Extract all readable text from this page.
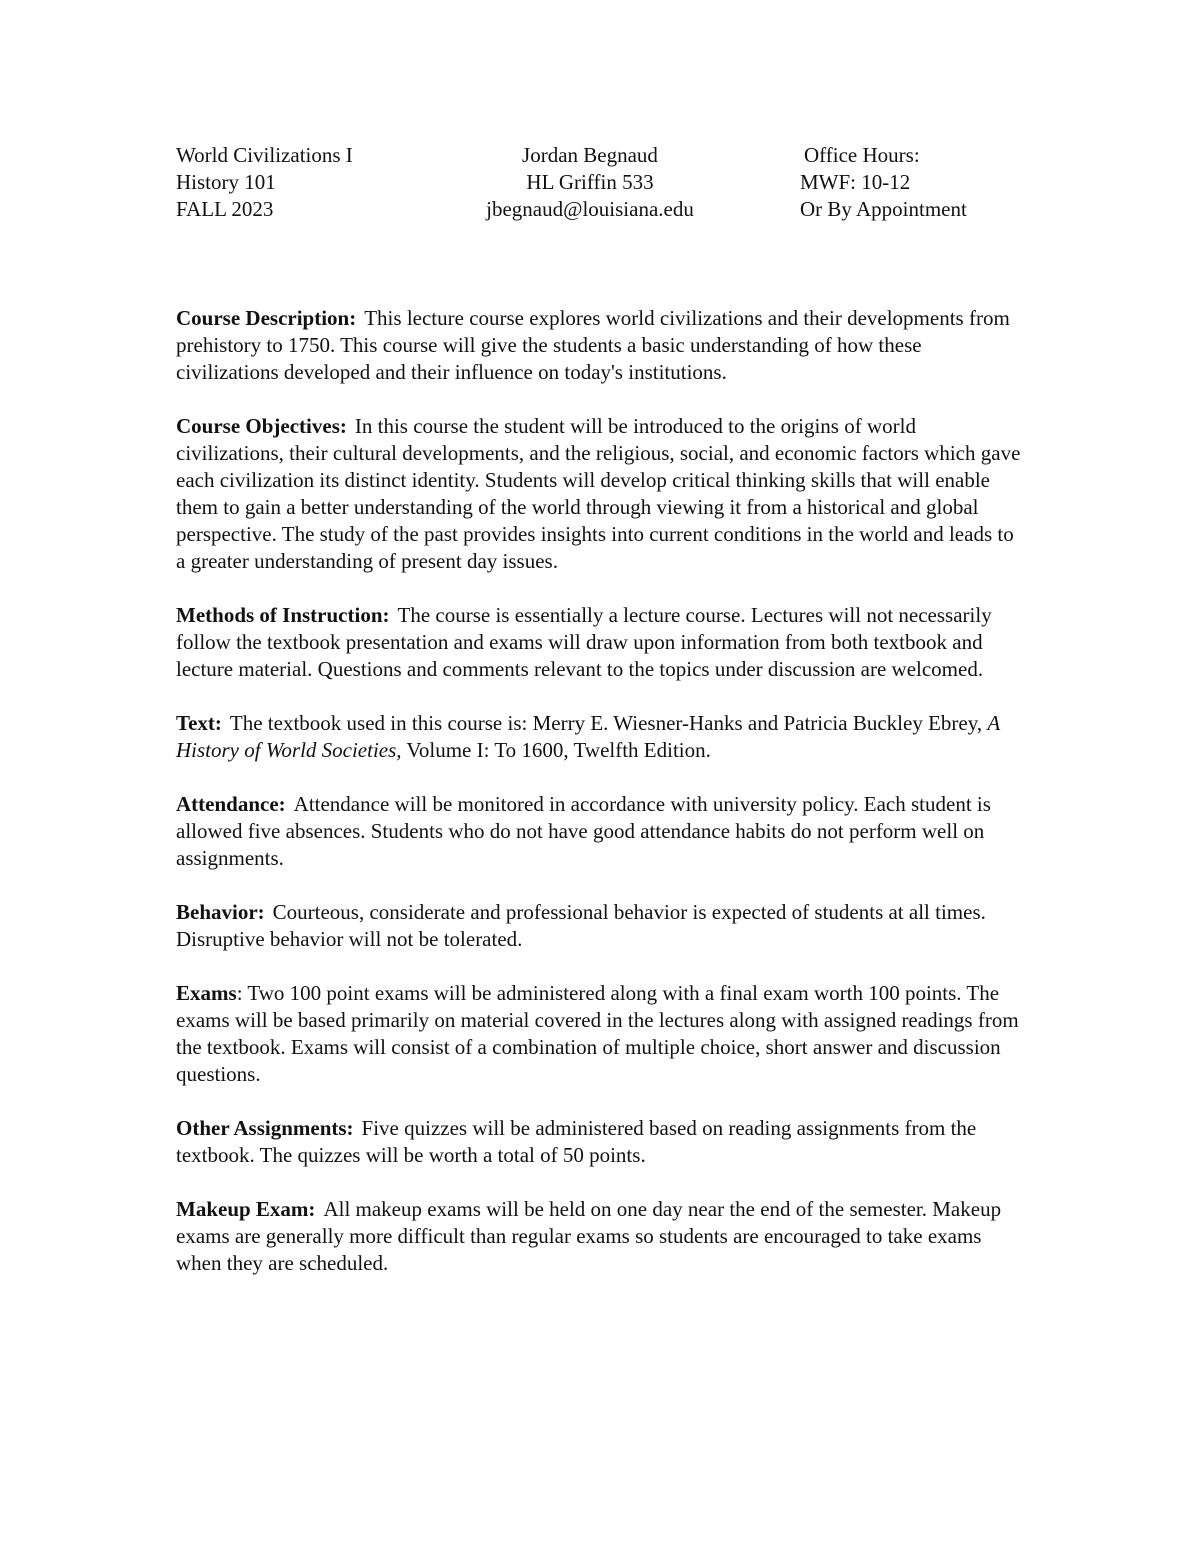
World Civilizations I
History 101
FALL 2023
Jordan Begnaud
HL Griffin 533
jbegnaud@louisiana.edu
Office Hours:
MWF: 10-12
Or By Appointment

Course Description: This lecture course explores world civilizations and their developments from prehistory to 1750. This course will give the students a basic understanding of how these civilizations developed and their influence on today's institutions.

Course Objectives: In this course the student will be introduced to the origins of world civilizations, their cultural developments, and the religious, social, and economic factors which gave each civilization its distinct identity. Students will develop critical thinking skills that will enable them to gain a better understanding of the world through viewing it from a historical and global perspective. The study of the past provides insights into current conditions in the world and leads to a greater understanding of present day issues.

Methods of Instruction: The course is essentially a lecture course. Lectures will not necessarily follow the textbook presentation and exams will draw upon information from both textbook and lecture material. Questions and comments relevant to the topics under discussion are welcomed.

Text: The textbook used in this course is: Merry E. Wiesner-Hanks and Patricia Buckley Ebrey, A History of World Societies, Volume I: To 1600, Twelfth Edition.

Attendance: Attendance will be monitored in accordance with university policy. Each student is allowed five absences. Students who do not have good attendance habits do not perform well on assignments.

Behavior: Courteous, considerate and professional behavior is expected of students at all times. Disruptive behavior will not be tolerated.

Exams: Two 100 point exams will be administered along with a final exam worth 100 points. The exams will be based primarily on material covered in the lectures along with assigned readings from the textbook. Exams will consist of a combination of multiple choice, short answer and discussion questions.

Other Assignments: Five quizzes will be administered based on reading assignments from the textbook. The quizzes will be worth a total of 50 points.

Makeup Exam: All makeup exams will be held on one day near the end of the semester. Makeup exams are generally more difficult than regular exams so students are encouraged to take exams when they are scheduled.
